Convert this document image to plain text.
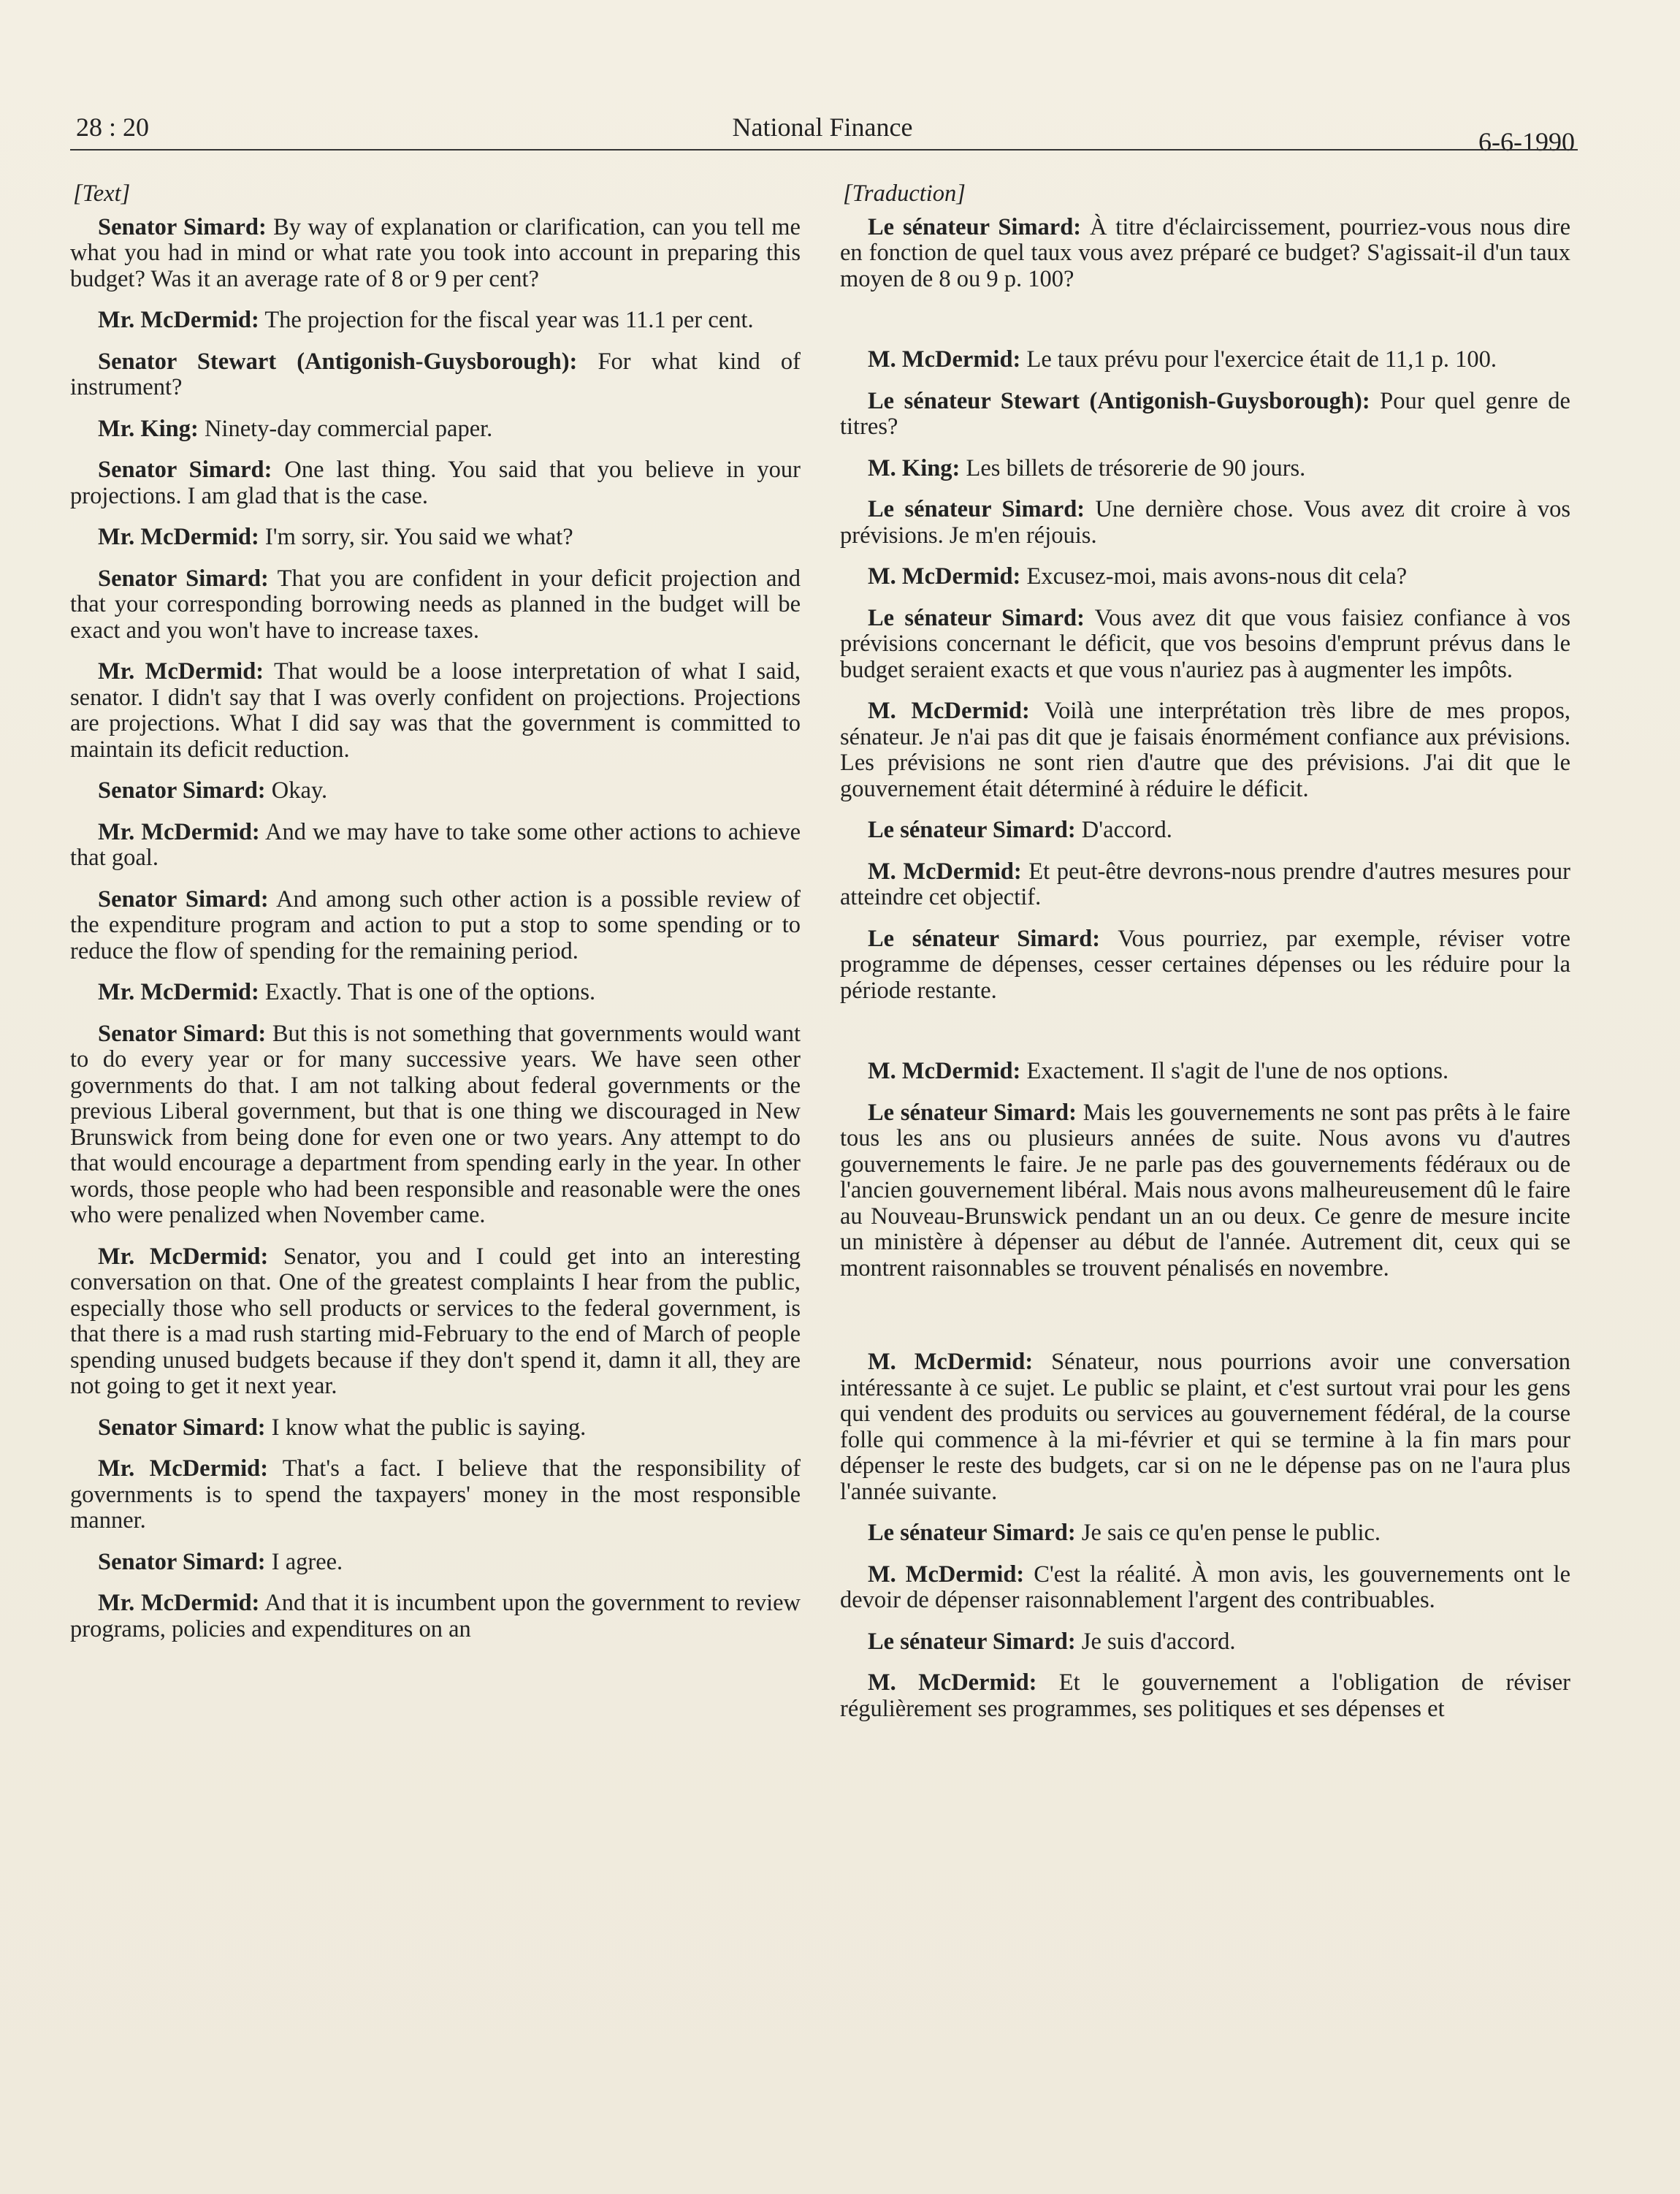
28 : 20	National Finance	6-6-1990
[Text]

Senator Simard: By way of explanation or clarification, can you tell me what you had in mind or what rate you took into account in preparing this budget? Was it an average rate of 8 or 9 per cent?

Mr. McDermid: The projection for the fiscal year was 11.1 per cent.

Senator Stewart (Antigonish-Guysborough): For what kind of instrument?

Mr. King: Ninety-day commercial paper.

Senator Simard: One last thing. You said that you believe in your projections. I am glad that is the case.

Mr. McDermid: I'm sorry, sir. You said we what?

Senator Simard: That you are confident in your deficit projection and that your corresponding borrowing needs as planned in the budget will be exact and you won't have to increase taxes.

Mr. McDermid: That would be a loose interpretation of what I said, senator. I didn't say that I was overly confident on projections. Projections are projections. What I did say was that the government is committed to maintain its deficit reduction.

Senator Simard: Okay.

Mr. McDermid: And we may have to take some other actions to achieve that goal.

Senator Simard: And among such other action is a possible review of the expenditure program and action to put a stop to some spending or to reduce the flow of spending for the remaining period.

Mr. McDermid: Exactly. That is one of the options.

Senator Simard: But this is not something that governments would want to do every year or for many successive years. We have seen other governments do that. I am not talking about federal governments or the previous Liberal government, but that is one thing we discouraged in New Brunswick from being done for even one or two years. Any attempt to do that would encourage a department from spending early in the year. In other words, those people who had been responsible and reasonable were the ones who were penalized when November came.

Mr. McDermid: Senator, you and I could get into an interesting conversation on that. One of the greatest complaints I hear from the public, especially those who sell products or services to the federal government, is that there is a mad rush starting mid-February to the end of March of people spending unused budgets because if they don't spend it, damn it all, they are not going to get it next year.

Senator Simard: I know what the public is saying.

Mr. McDermid: That's a fact. I believe that the responsibility of governments is to spend the taxpayers' money in the most responsible manner.

Senator Simard: I agree.

Mr. McDermid: And that it is incumbent upon the government to review programs, policies and expenditures on an

[Traduction]

Le sénateur Simard: À titre d'éclaircissement, pourriez-vous nous dire en fonction de quel taux vous avez préparé ce budget? S'agissait-il d'un taux moyen de 8 ou 9 p. 100?

M. McDermid: Le taux prévu pour l'exercice était de 11,1 p. 100.

Le sénateur Stewart (Antigonish-Guysborough): Pour quel genre de titres?

M. King: Les billets de trésorerie de 90 jours.

Le sénateur Simard: Une dernière chose. Vous avez dit croire à vos prévisions. Je m'en réjouis.

M. McDermid: Excusez-moi, mais avons-nous dit cela?

Le sénateur Simard: Vous avez dit que vous faisiez confiance à vos prévisions concernant le déficit, que vos besoins d'emprunt prévus dans le budget seraient exacts et que vous n'auriez pas à augmenter les impôts.

M. McDermid: Voilà une interprétation très libre de mes propos, sénateur. Je n'ai pas dit que je faisais énormément confiance aux prévisions. Les prévisions ne sont rien d'autre que des prévisions. J'ai dit que le gouvernement était déterminé à réduire le déficit.

Le sénateur Simard: D'accord.

M. McDermid: Et peut-être devrons-nous prendre d'autres mesures pour atteindre cet objectif.

Le sénateur Simard: Vous pourriez, par exemple, réviser votre programme de dépenses, cesser certaines dépenses ou les réduire pour la période restante.

M. McDermid: Exactement. Il s'agit de l'une de nos options.

Le sénateur Simard: Mais les gouvernements ne sont pas prêts à le faire tous les ans ou plusieurs années de suite. Nous avons vu d'autres gouvernements le faire. Je ne parle pas des gouvernements fédéraux ou de l'ancien gouvernement libéral. Mais nous avons malheureusement dû le faire au Nouveau-Brunswick pendant un an ou deux. Ce genre de mesure incite un ministère à dépenser au début de l'année. Autrement dit, ceux qui se montrent raisonnables se trouvent pénalisés en novembre.

M. McDermid: Sénateur, nous pourrions avoir une conversation intéressante à ce sujet. Le public se plaint, et c'est surtout vrai pour les gens qui vendent des produits ou services au gouvernement fédéral, de la course folle qui commence à la mi-février et qui se termine à la fin mars pour dépenser le reste des budgets, car si on ne le dépense pas on ne l'aura plus l'année suivante.

Le sénateur Simard: Je sais ce qu'en pense le public.

M. McDermid: C'est la réalité. À mon avis, les gouvernements ont le devoir de dépenser raisonnablement l'argent des contribuables.

Le sénateur Simard: Je suis d'accord.

M. McDermid: Et le gouvernement a l'obligation de réviser régulièrement ses programmes, ses politiques et ses dépenses et
